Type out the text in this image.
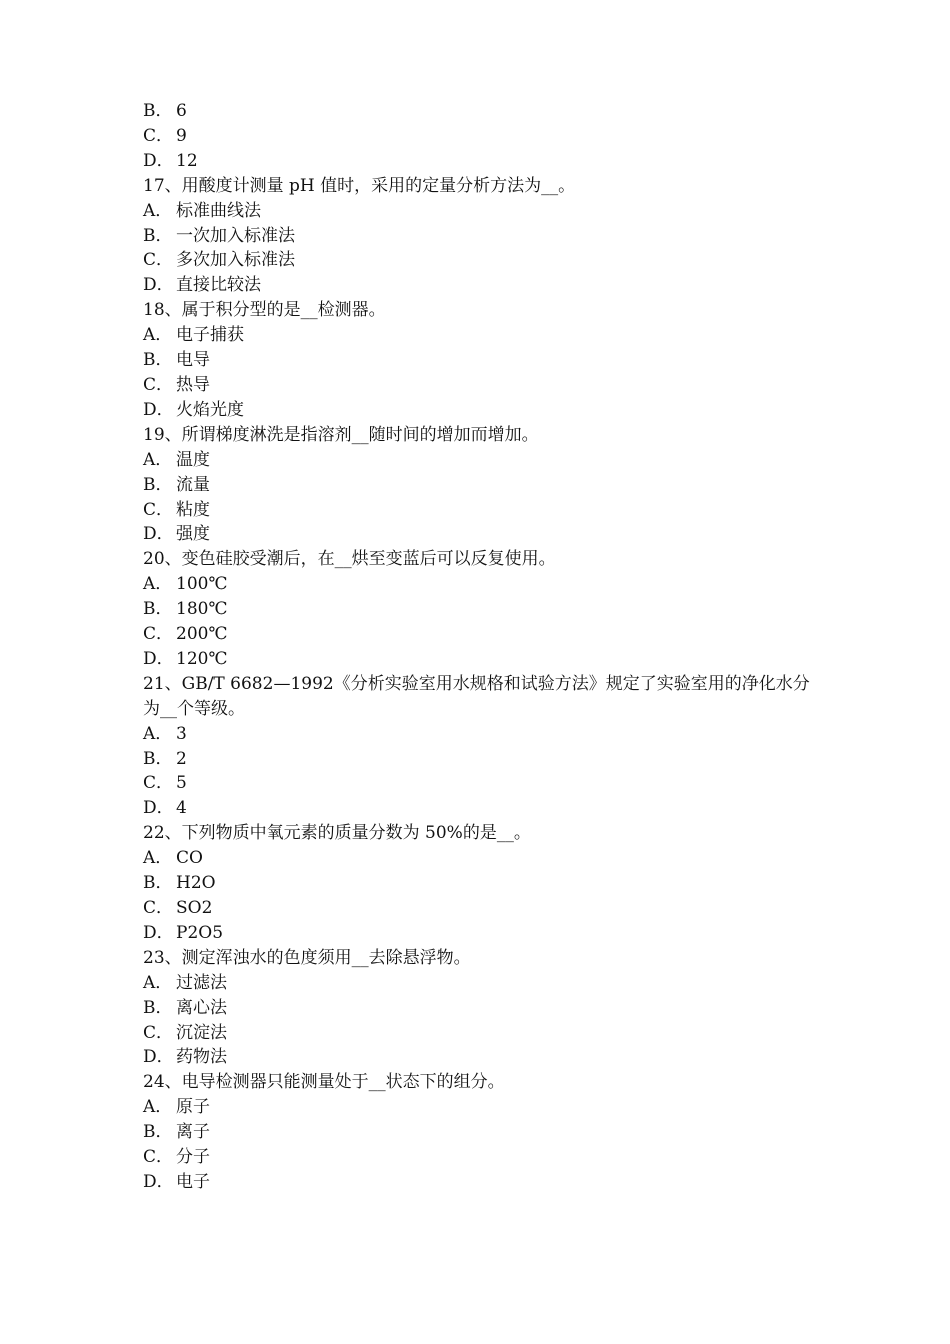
B． 6
C． 9
D． 12
17、用酸度计测量 pH 值时，采用的定量分析方法为__。
A． 标准曲线法
B． 一次加入标准法
C． 多次加入标准法
D． 直接比较法
18、属于积分型的是__检测器。
A． 电子捕获
B． 电导
C． 热导
D． 火焰光度
19、所谓梯度淋洗是指溶剂__随时间的增加而增加。
A． 温度
B． 流量
C． 粘度
D． 强度
20、变色硅胶受潮后，在__烘至变蓝后可以反复使用。
A． 100℃
B． 180℃
C． 200℃
D． 120℃
21、GB/T 6682—1992《分析实验室用水规格和试验方法》规定了实验室用的净化水分为__个等级。
A． 3
B． 2
C． 5
D． 4
22、下列物质中氧元素的质量分数为 50%的是__。
A． CO
B． H2O
C． SO2
D． P2O5
23、测定浑浊水的色度须用__去除悬浮物。
A． 过滤法
B． 离心法
C． 沉淀法
D． 药物法
24、电导检测器只能测量处于__状态下的组分。
A． 原子
B． 离子
C． 分子
D． 电子
